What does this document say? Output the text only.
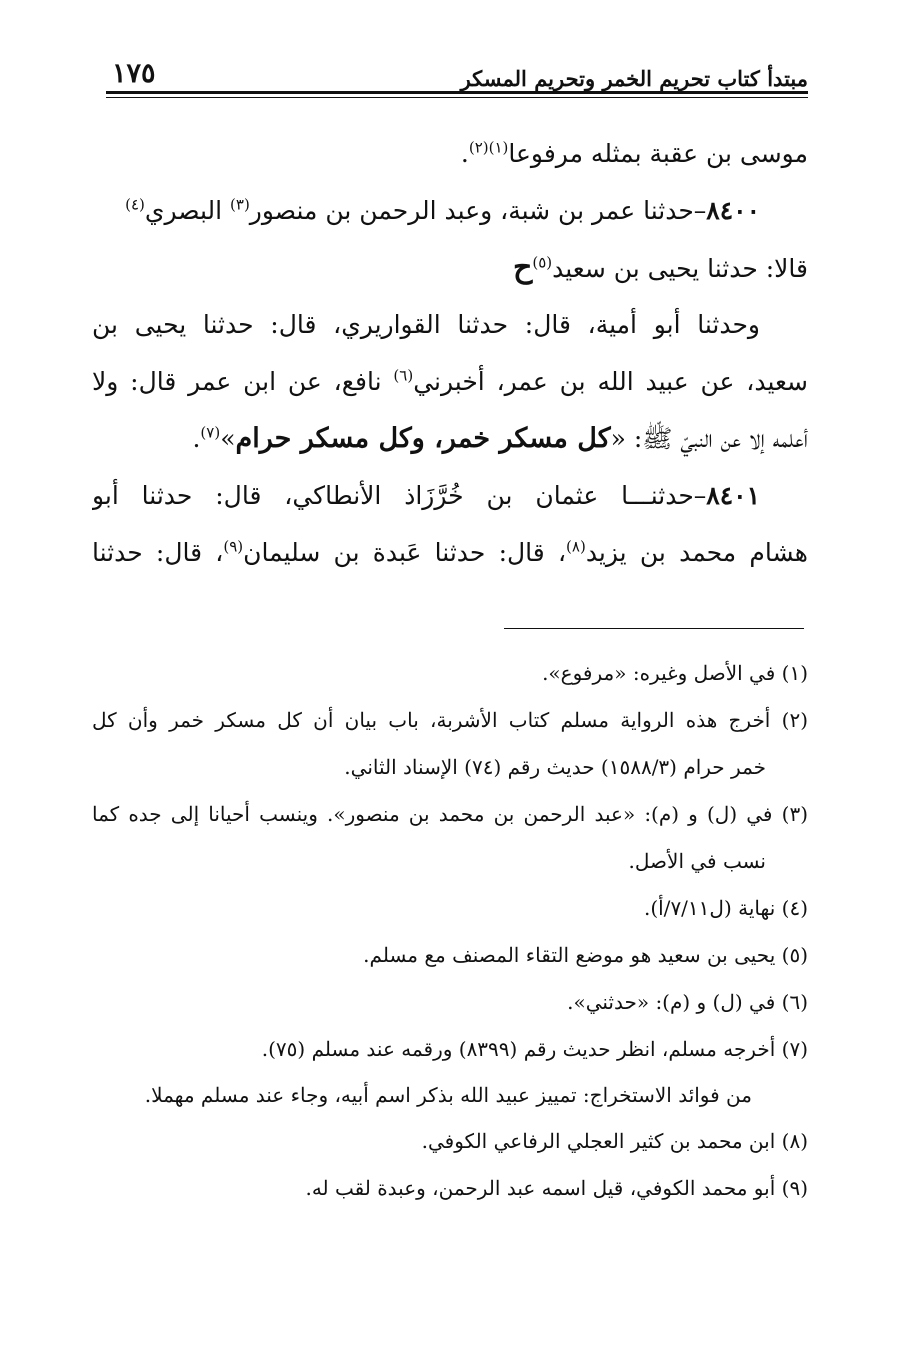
مبتدأ كتاب تحريم الخمر وتحريم المسكر
١٧٥
موسى بن عقبة بمثله مرفوعا$^{(١)(٢)}$.
٨٤٠٠–حدثنا عمر بن شبة، وعبد الرحمن بن منصور$^{(٣)}$ البصري$^{(٤)}$
قالا: حدثنا يحيى بن سعيد$^{(٥)}$ح
وحدثنا أبو أمية، قال: حدثنا القواريري، قال: حدثنا يحيى بن
سعيد، عن عبيد الله بن عمر، أخبرني$^{(٦)}$ نافع، عن ابن عمر قال: ولا
أعلمه إلا عن النبيّ ﷺ: «كل مسكر خمر، وكل مسكر حرام»$^{(٧)}$.
٨٤٠١–حدثنـــا عثمان بن خُرَّزَاذ الأنطاكي، قال: حدثنا أبو
هشام محمد بن يزيد$^{(٨)}$، قال: حدثنا عَبدة بن سليمان$^{(٩)}$، قال: حدثنا
(١) في الأصل وغيره: «مرفوع».
(٢) أخرج هذه الرواية مسلم كتاب الأشربة، باب بيان أن كل مسكر خمر وأن كل
خمر حرام (١٥٨٨/٣) حديث رقم (٧٤) الإسناد الثاني.
(٣) في (ل) و (م): «عبد الرحمن بن محمد بن منصور». وينسب أحيانا إلى جده كما
نسب في الأصل.
(٤) نهاية (ل٧/١١/أ).
(٥) يحيى بن سعيد هو موضع التقاء المصنف مع مسلم.
(٦) في (ل) و (م): «حدثني».
(٧) أخرجه مسلم، انظر حديث رقم (٨٣٩٩) ورقمه عند مسلم (٧٥).
من فوائد الاستخراج: تمييز عبيد الله بذكر اسم أبيه، وجاء عند مسلم مهملا.
(٨) ابن محمد بن كثير العجلي الرفاعي الكوفي.
(٩) أبو محمد الكوفي، قيل اسمه عبد الرحمن، وعبدة لقب له.
